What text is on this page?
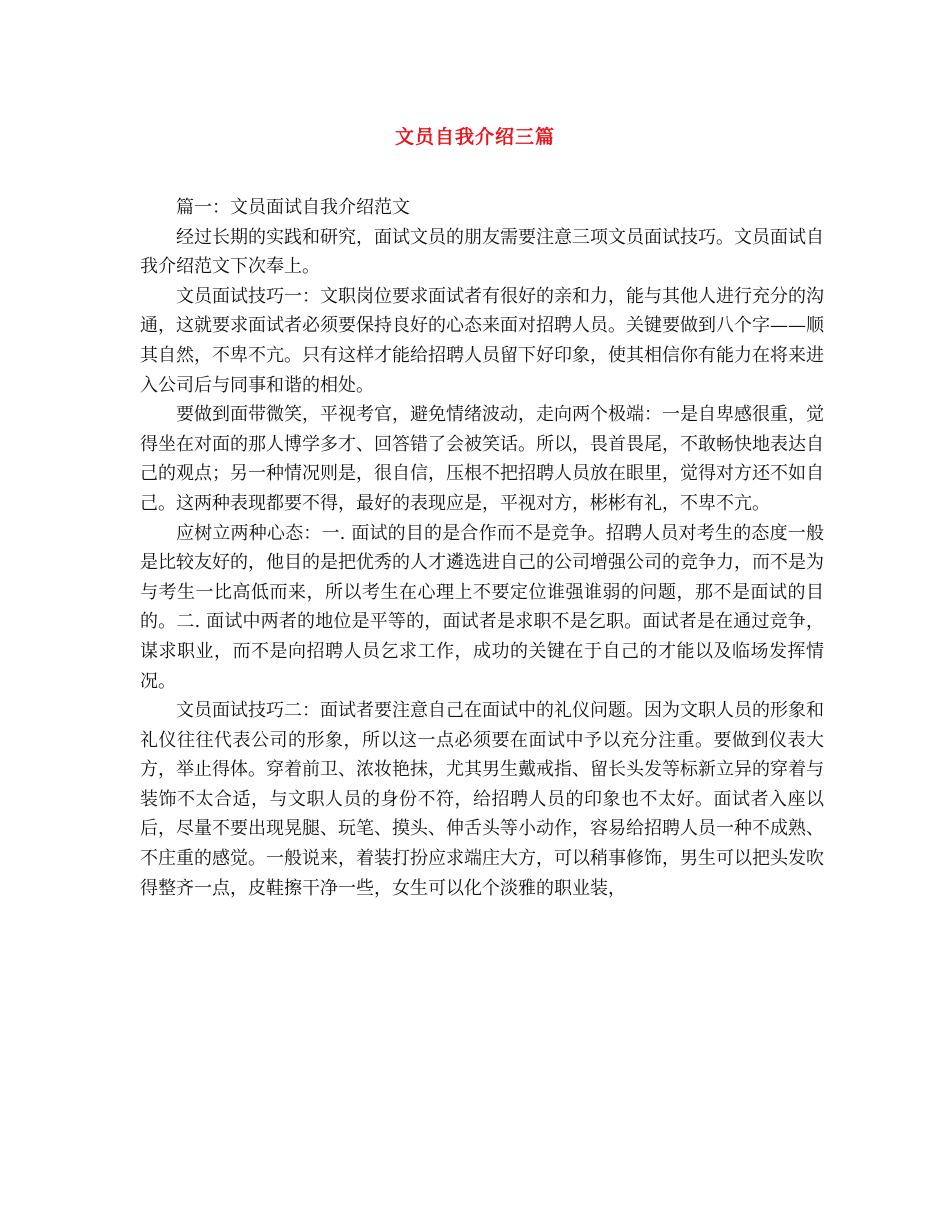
文员自我介绍三篇

篇一：文员面试自我介绍范文

经过长期的实践和研究，面试文员的朋友需要注意三项文员面试技巧。文员面试自我介绍范文下次奉上。

文员面试技巧一：文职岗位要求面试者有很好的亲和力，能与其他人进行充分的沟通，这就要求面试者必须要保持良好的心态来面对招聘人员。关键要做到八个字——顺其自然，不卑不亢。只有这样才能给招聘人员留下好印象，使其相信你有能力在将来进入公司后与同事和谐的相处。

要做到面带微笑，平视考官，避免情绪波动，走向两个极端：一是自卑感很重，觉得坐在对面的那人博学多才、回答错了会被笑话。所以，畏首畏尾，不敢畅快地表达自己的观点；另一种情况则是，很自信，压根不把招聘人员放在眼里，觉得对方还不如自己。这两种表现都要不得，最好的表现应是，平视对方，彬彬有礼，不卑不亢。

应树立两种心态：一. 面试的目的是合作而不是竞争。招聘人员对考生的态度一般是比较友好的，他目的是把优秀的人才遴选进自己的公司增强公司的竞争力，而不是为与考生一比高低而来，所以考生在心理上不要定位谁强谁弱的问题，那不是面试的目的。二. 面试中两者的地位是平等的，面试者是求职不是乞职。面试者是在通过竞争，谋求职业，而不是向招聘人员乞求工作，成功的关键在于自己的才能以及临场发挥情况。

文员面试技巧二：面试者要注意自己在面试中的礼仪问题。因为文职人员的形象和礼仪往往代表公司的形象，所以这一点必须要在面试中予以充分注重。要做到仪表大方，举止得体。穿着前卫、浓妆艳抹，尤其男生戴戒指、留长头发等标新立异的穿着与装饰不太合适，与文职人员的身份不符，给招聘人员的印象也不太好。面试者入座以后，尽量不要出现晃腿、玩笔、摸头、伸舌头等小动作，容易给招聘人员一种不成熟、不庄重的感觉。一般说来，着装打扮应求端庄大方，可以稍事修饰，男生可以把头发吹得整齐一点，皮鞋擦干净一些，女生可以化个淡雅的职业装，
